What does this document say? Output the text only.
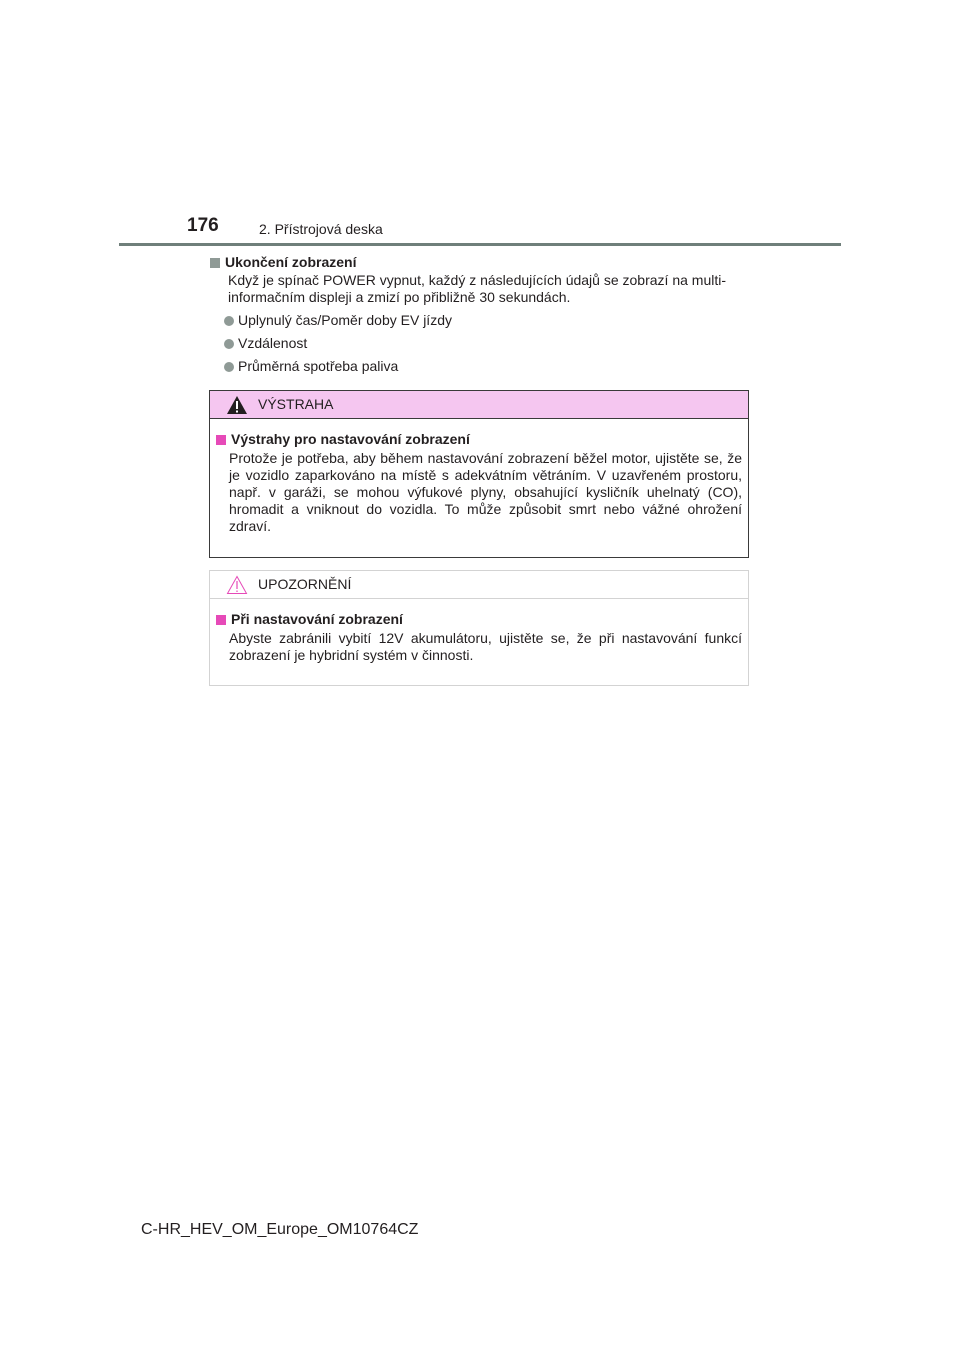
176	2. Přístrojová deska
Ukončení zobrazení
Když je spínač POWER vypnut, každý z následujících údajů se zobrazí na multi-informačním displeji a zmizí po přibližně 30 sekundách.
Uplynulý čas/Poměr doby EV jízdy
Vzdálenost
Průměrná spotřeba paliva
VÝSTRAHA
Výstrahy pro nastavování zobrazení
Protože je potřeba, aby během nastavování zobrazení běžel motor, ujistěte se, že je vozidlo zaparkováno na místě s adekvátním větráním. V uzavřeném prostoru, např. v garáži, se mohou výfukové plyny, obsahující kysličník uhelnatý (CO), hromadit a vniknout do vozidla. To může způsobit smrt nebo vážné ohrožení zdraví.
UPOZORNĚNÍ
Při nastavování zobrazení
Abyste zabránili vybití 12V akumulátoru, ujistěte se, že při nastavování funkcí zobrazení je hybridní systém v činnosti.
C-HR_HEV_OM_Europe_OM10764CZ
